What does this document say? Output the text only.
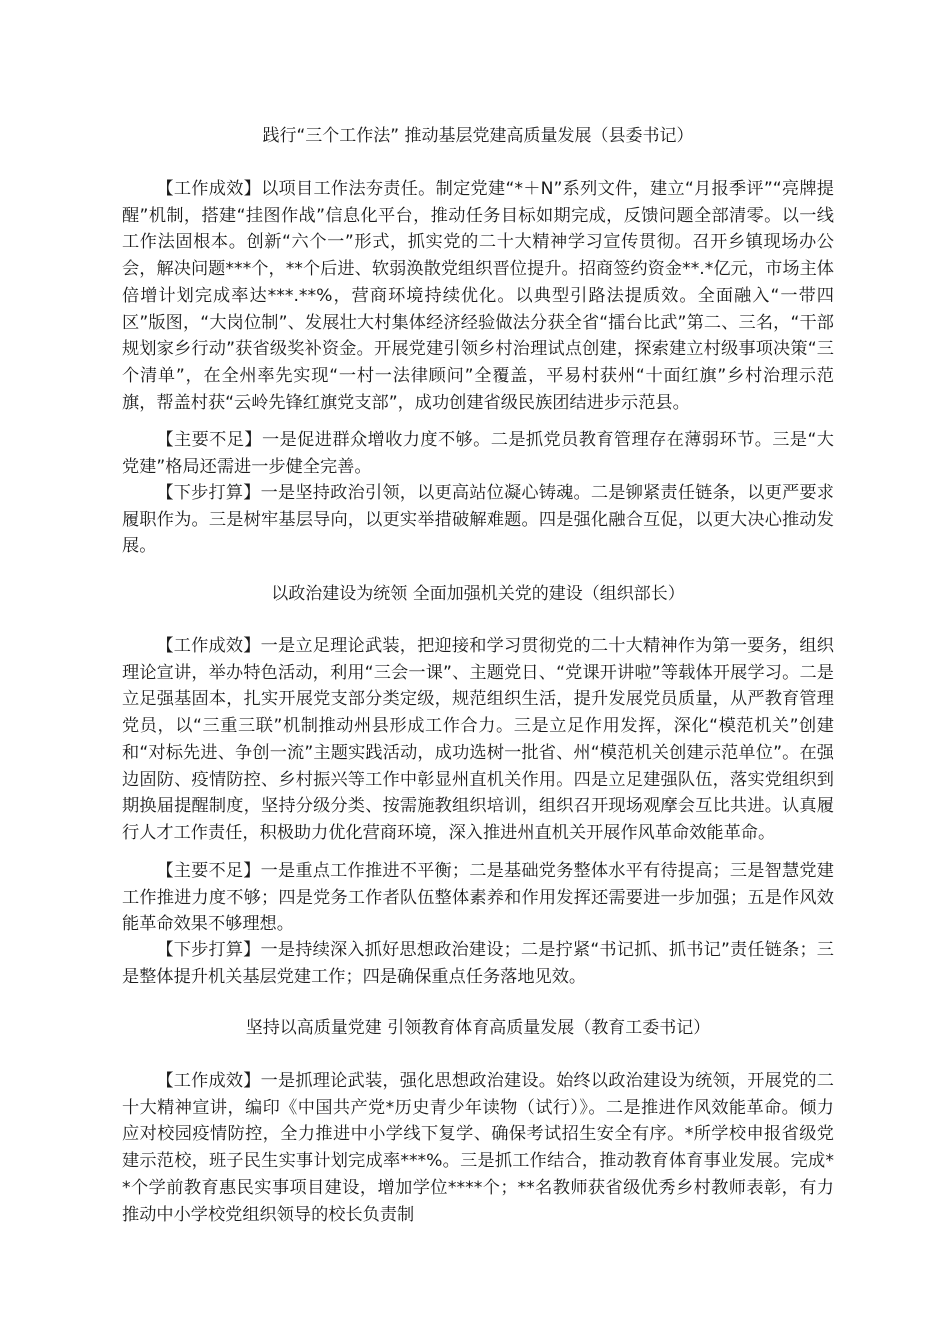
践行“三个工作法” 推动基层党建高质量发展（县委书记）

【工作成效】以项目工作法夯责任。制定党建“*＋N”系列文件，建立“月报季评”“亮牌提醒”机制，搭建“挂图作战”信息化平台，推动任务目标如期完成，反馈问题全部清零。以一线工作法固根本。创新“六个一”形式，抓实党的二十大精神学习宣传贯彻。召开乡镇现场办公会，解决问题***个，**个后进、软弱涣散党组织晋位提升。招商签约资金**.*亿元，市场主体倍增计划完成率达***.**%，营商环境持续优化。以典型引路法提质效。全面融入“一带四区”版图，“大岗位制”、发展壮大村集体经济经验做法分获全省“擂台比武”第二、三名，“干部规划家乡行动”获省级奖补资金。开展党建引领乡村治理试点创建，探索建立村级事项决策“三个清单”，在全州率先实现“一村一法律顾问”全覆盖，平易村获州“十面红旗”乡村治理示范旗，帮盖村获“云岭先锋红旗党支部”，成功创建省级民族团结进步示范县。

【主要不足】一是促进群众增收力度不够。二是抓党员教育管理存在薄弱环节。三是“大党建”格局还需进一步健全完善。

【下步打算】一是坚持政治引领，以更高站位凝心铸魂。二是铆紧责任链条，以更严要求履职作为。三是树牢基层导向，以更实举措破解难题。四是强化融合互促，以更大决心推动发展。

以政治建设为统领 全面加强机关党的建设（组织部长）

【工作成效】一是立足理论武装，把迎接和学习贯彻党的二十大精神作为第一要务，组织理论宣讲，举办特色活动，利用“三会一课”、主题党日、“党课开讲啦”等载体开展学习。二是立足强基固本，扎实开展党支部分类定级，规范组织生活，提升发展党员质量，从严教育管理党员，以“三重三联”机制推动州县形成工作合力。三是立足作用发挥，深化“模范机关”创建和“对标先进、争创一流”主题实践活动，成功选树一批省、州“模范机关创建示范单位”。在强边固防、疫情防控、乡村振兴等工作中彰显州直机关作用。四是立足建强队伍，落实党组织到期换届提醒制度，坚持分级分类、按需施教组织培训，组织召开现场观摩会互比共进。认真履行人才工作责任，积极助力优化营商环境，深入推进州直机关开展作风革命效能革命。

【主要不足】一是重点工作推进不平衡；二是基础党务整体水平有待提高；三是智慧党建工作推进力度不够；四是党务工作者队伍整体素养和作用发挥还需要进一步加强；五是作风效能革命效果不够理想。

【下步打算】一是持续深入抓好思想政治建设；二是拧紧“书记抓、抓书记”责任链条；三是整体提升机关基层党建工作；四是确保重点任务落地见效。

坚持以高质量党建 引领教育体育高质量发展（教育工委书记）

【工作成效】一是抓理论武装，强化思想政治建设。始终以政治建设为统领，开展党的二十大精神宣讲，编印《中国共产党*历史青少年读物（试行）》。二是推进作风效能革命。倾力应对校园疫情防控，全力推进中小学线下复学、确保考试招生安全有序。*所学校申报省级党建示范校，班子民生实事计划完成率***%。三是抓工作结合，推动教育体育事业发展。完成**个学前教育惠民实事项目建设，增加学位****个；**名教师获省级优秀乡村教师表彰，有力推动中小学校党组织领导的校长负责制
